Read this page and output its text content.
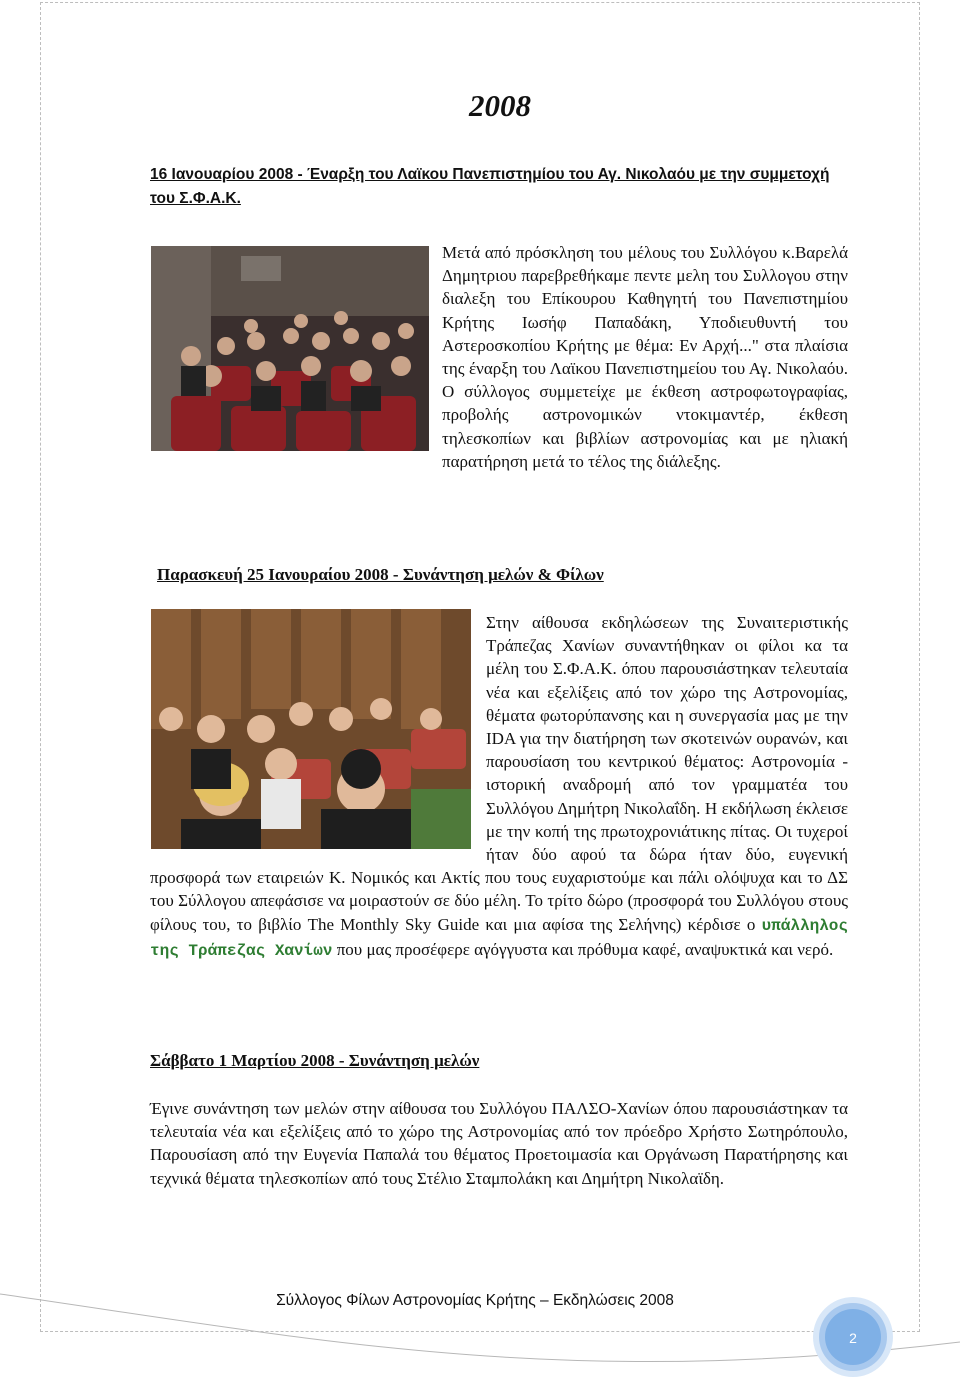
2008
16 Ιανουαρίου 2008 - Έναρξη του Λαϊκου Πανεπιστημίου του Αγ. Νικολαόυ με την συμμετοχή του Σ.Φ.Α.Κ.
Μετά από πρόσκληση του μέλους του Συλλόγου κ.Βαρελά Δημητριου παρεβρεθήκαμε πεντε μελη του Συλλογου στην διαλεξη του Επίκουρου Καθηγητή του Πανεπιστημίου Κρήτης Ιωσήφ Παπαδάκη, Υποδιευθυντή του Αστεροσκοπίου Κρήτης με θέμα: Εν Αρχή..." στα πλαίσια της έναρξη του Λαϊκου Πανεπιστημείου του Αγ. Νικολαόυ. Ο σύλλογος συμμετείχε με έκθεση αστροφωτογραφίας, προβολής αστρονομικών ντοκιμαντέρ, έκθεση τηλεσκοπίων και βιβλίων αστρονομίας και με ηλιακή παρατήρηση μετά το τέλος της διάλεξης.
Παρασκευή 25 Ιανουραίου 2008 - Συνάντηση μελών & Φίλων
Στην αίθουσα εκδηλώσεων της Συναιτεριστικής Τράπεζας Χανίων συναντήθηκαν οι φίλοι κα τα μέλη του Σ.Φ.Α.Κ. όπου παρουσιάστηκαν τελευταία νέα και εξελίξεις από τον χώρο της Αστρονομίας, θέματα φωτορύπανσης και η συνεργασία μας με την IDA για την διατήρηση των σκοτεινών ουρανών, και παρουσίαση του κεντρικού θέματος: Αστρονομία - ιστορική αναδρομή από τον γραμματέα του Συλλόγου Δημήτρη Νικολαΐδη. Η εκδήλωση έκλεισε με την κοπή της πρωτοχρονιάτικης πίτας. Οι τυχεροί ήταν δύο αφού τα δώρα ήταν δύο, ευγενική προσφορά των εταιρειών Κ. Νομικός και Ακτίς που τους ευχαριστούμε και πάλι ολόψυχα και το ΔΣ του Σύλλογου απεφάσισε να μοιραστούν σε δύο μέλη. Το τρίτο δώρο (προσφορά του Συλλόγου στους φίλους του, το βιβλίο The Monthly Sky Guide και μια αφίσα της Σελήνης) κέρδισε ο υπάλληλος της Τράπεζας Χανίων που μας προσέφερε αγόγγυστα και πρόθυμα καφέ, αναψυκτικά και νερό.
Σάββατο 1 Μαρτίου 2008 - Συνάντηση μελών
Έγινε συνάντηση των μελών στην αίθουσα του Συλλόγου ΠΑΛΣΟ-Χανίων όπου παρουσιάστηκαν τα τελευταία νέα και εξελίξεις από το χώρο της Αστρονομίας από τον πρόεδρο Χρήστο Σωτηρόπουλο, Παρουσίαση από την Ευγενία Παπαλά του θέματος Προετοιμασία και Οργάνωση Παρατήρησης και τεχνικά θέματα τηλεσκοπίων από τους Στέλιο Σταμπολάκη και Δημήτρη Νικολαϊδη.
Σύλλογος Φίλων Αστρονομίας Κρήτης – Εκδηλώσεις 2008
2
